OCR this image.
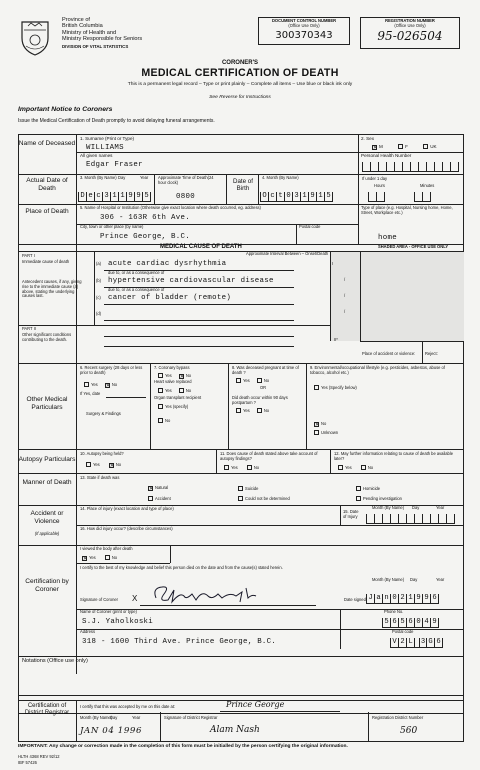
Province of
British Columbia
Ministry of Health and
Ministry Responsible for Seniors
DIVISION OF VITAL STATISTICS
DOCUMENT CONTROL NUMBER
(Office Use Only)
300370343
REGISTRATION NUMBER
(Office Use Only)
95-026504
CORONER'S
MEDICAL CERTIFICATION OF DEATH
This is a permanent legal record – Type or print plainly – Complete all items – Use blue or black ink only
See Reverse for Instructions
Important Notice to Coroners
Issue the Medical Certification of Death promptly to avoid delaying funeral arrangements.
Name of Deceased
1. Surname (Print or Type)
WILLIAMS
All given names
Edgar Fraser
2. Sex
✕M	F	UK
Personal Health Number
Actual Date of Death
3. Month (By Name) Day	Year
D e c 3 1 1 9 9 5
Approximate Time of Death(24 hour clock)
0800
Date of Birth
4. Month (By Name)
O c t 0 3 1 9 1 5
If under 1 day
Hours	Minutes
Place of Death
5. Name of Hospital or Institution (Otherwise give exact location where death occurred, eg. address)
306 - 163R 6th Ave.
City, town or other place (by name)
Prince George, B.C.
Postal code
Type of place (e.g. Hospital, Nursing home, Home, Street, Workplace etc.)
home
MEDICAL CAUSE OF DEATH	SHADED AREA - OFFICE USE ONLY
PART I
Immediate cause of death
Antecedent causes, if any, giving rise to the immediate cause (a) above, stating the underlying causes last.
Approximate Interval Between – Onset/Death
(a) acute cardiac dysrhythmia
due to, or as a consequence of
(b) hypertensive cardiovascular disease
due to, or as a consequence of
(c) cancer of bladder (remote)
(d)
PART II
Other significant conditions contributing to the death.
I
/
/
/
II*
Place of accident or violence: Reject:
Other Medical Particulars
6. Recent surgery (28 days or less prior to death)
Yes ✕	No
If Yes, date
Surgery & Findings
7. Coronary bypass
Yes ✕	No
Heart valve replaced
Yes	No
Organ transplant recipient
Yes (specify)
No
8. Was deceased pregnant at time of death ?
Yes	No
OR
Did death occur within 90 days postpartum ?
Yes	No
9. Environmental/occupational lifestyle (e.g. pesticides, asbestos, abuse of tobacco, alcohol etc.)
Yes (Specify below)
✕No
Unknown
Autopsy Particulars
10. Autopsy being held?
Yes ✕	No
11. Does cause of death stated above take account of autopsy findings?
Yes	No
12. May further information relating to cause of death be available later?
Yes	No
Manner of Death
13. State if death was
✕Natural	Suicide	Homicide
Accident	Could not be determined	Pending investigation
Accident or Violence
(If applicable)
14. Place of injury (exact location and type of place)
15. Date of Injury
Month (By Name) Day	Year
16. How did injury occur? (describe circumstances)
Certification by Coroner
I viewed the body after death
✕Yes	No
I certify to the best of my knowledge and belief this person died on the date and from the cause(s) stated herein.
Month (By Name) Day	Year
Signature of Coroner X	Date signed J a n 0 2 1 9 9 6
Name of Coroner (print or type)
S.J. Yaholkoski
Phone No.
5 6 5 6 0 4 9
Address
318 - 1600 Third Ave. Prince George, B.C.
Postal code
V 2 L	3 G 6
Notations (Office use only)
Certification of District Registrar
I certify that this was accepted by me on this date at:	Prince George
Month (By Name)
Day	Year
JAN 04 1996
Signature of District Registrar
Alam Nash
Registration District Number
560
IMPORTANT: Any change or correction made in the completion of this form must be initialled by the person certifying the original information.
HLTH 4368 REV 92/12
IBF 57426
